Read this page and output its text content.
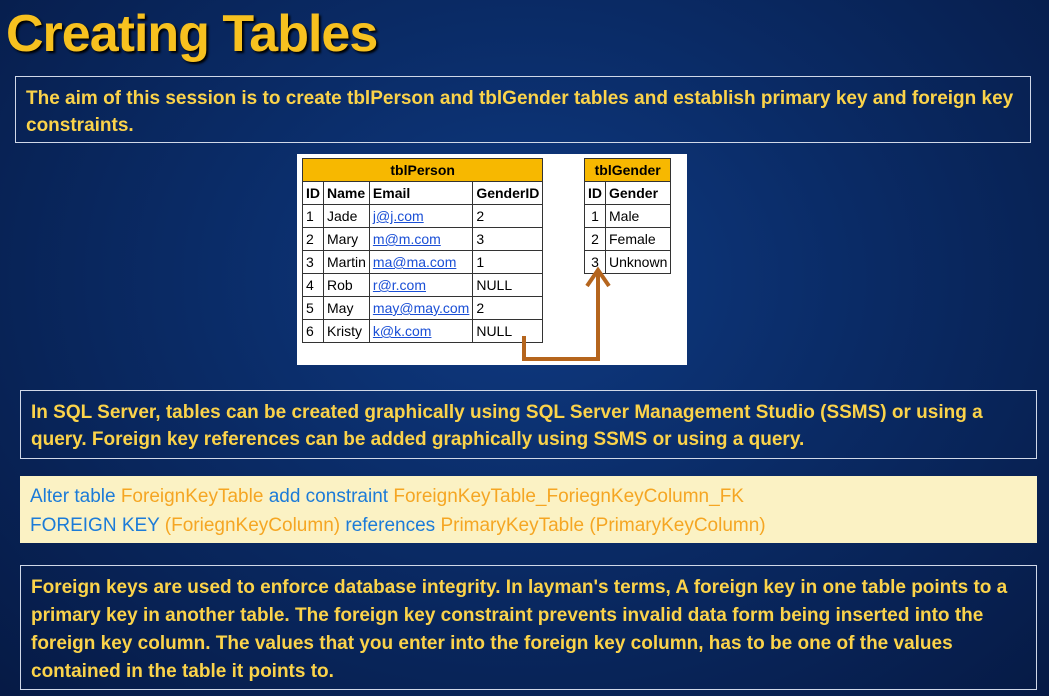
Creating Tables
The aim of this session is to create tblPerson and tblGender tables and establish primary key and foreign key constraints.
tblPerson			
ID	Name	Email	GenderID
1	Jade	j@j.com	2
2	Mary	m@m.com	3
3	Martin	ma@ma.com	1
4	Rob	r@r.com	NULL
5	May	may@may.com	2
6	Kristy	k@k.com	NULL
tblGender	
ID	Gender
1	Male
2	Female
3	Unknown
In SQL Server, tables can be created graphically using SQL Server Management Studio (SSMS) or using a query. Foreign key references can be added graphically using SSMS or using a query.
Alter table ForeignKeyTable add constraint ForeignKeyTable_ForiegnKeyColumn_FK
FOREIGN KEY (ForiegnKeyColumn) references PrimaryKeyTable (PrimaryKeyColumn)
Foreign keys are used to enforce database integrity. In layman's terms, A foreign key in one table points to a primary key in another table. The foreign key constraint prevents invalid data form being inserted into the foreign key column. The values that you enter into the foreign key column, has to be one of the values contained in the table it points to.
